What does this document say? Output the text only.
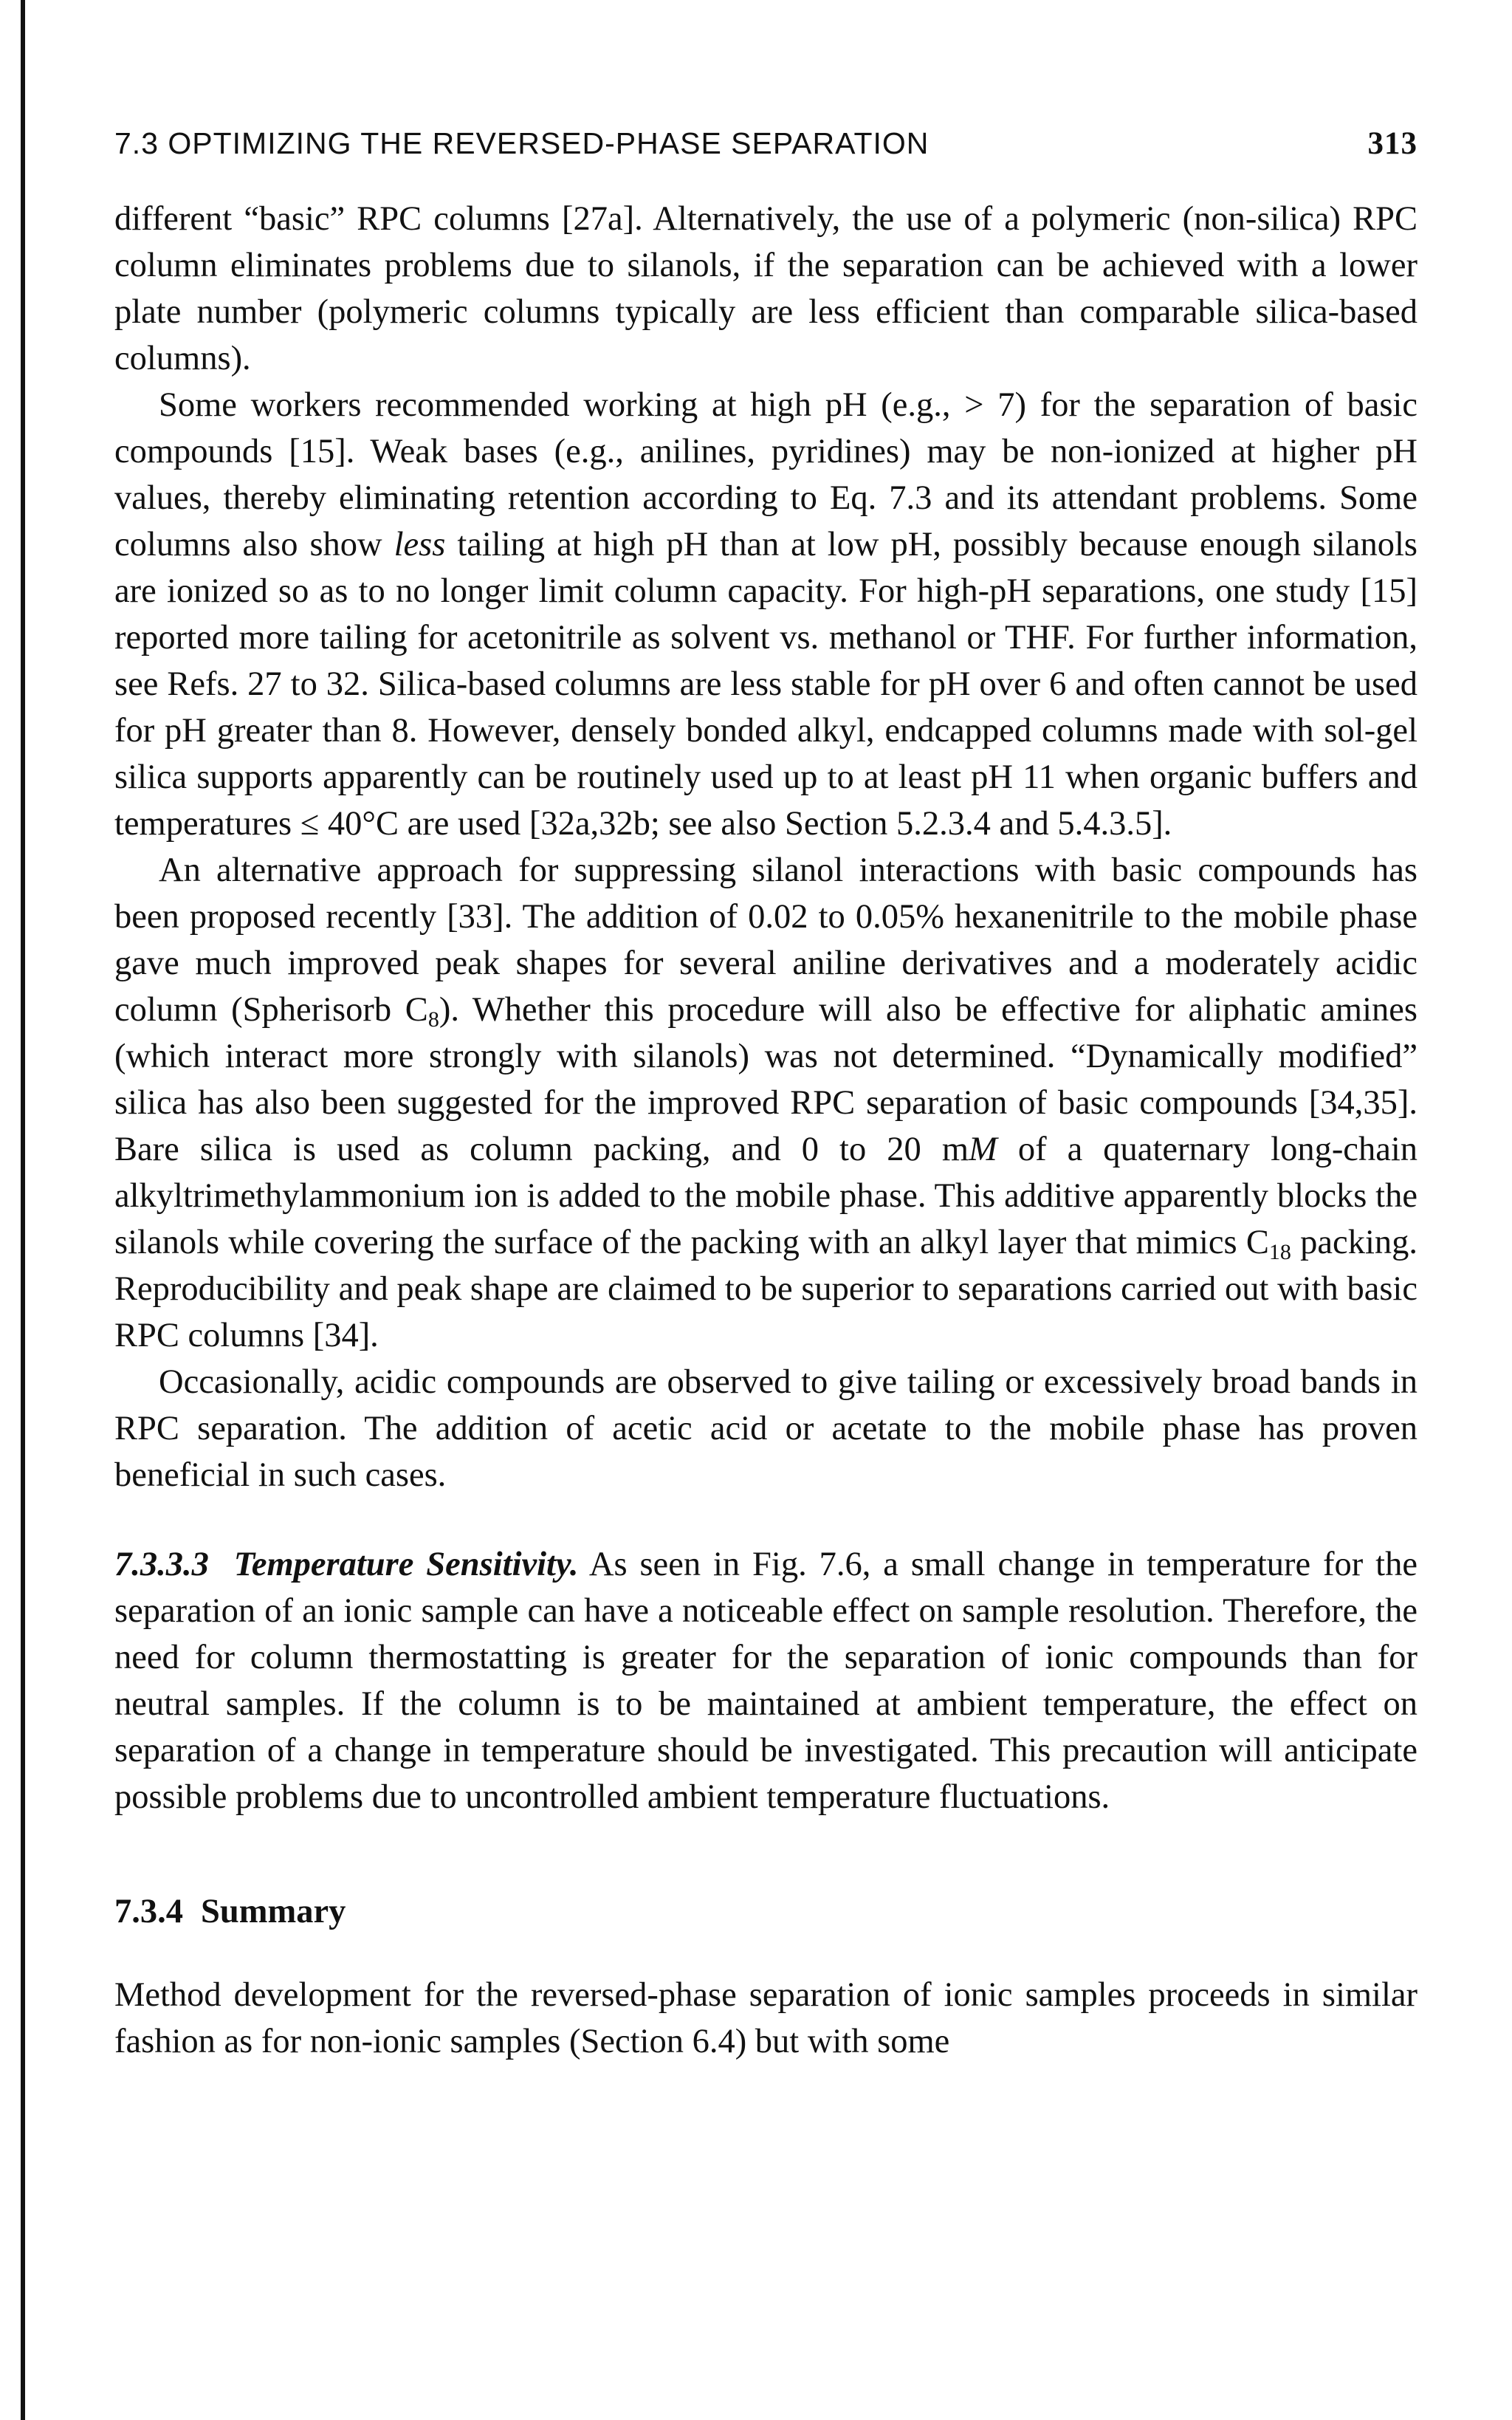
7.3 OPTIMIZING THE REVERSED-PHASE SEPARATION	313

different “basic” RPC columns [27a]. Alternatively, the use of a polymeric (non-silica) RPC column eliminates problems due to silanols, if the separation can be achieved with a lower plate number (polymeric columns typically are less efficient than comparable silica-based columns).

Some workers recommended working at high pH (e.g., > 7) for the separation of basic compounds [15]. Weak bases (e.g., anilines, pyridines) may be non-ionized at higher pH values, thereby eliminating retention according to Eq. 7.3 and its attendant problems. Some columns also show less tailing at high pH than at low pH, possibly because enough silanols are ionized so as to no longer limit column capacity. For high-pH separations, one study [15] reported more tailing for acetonitrile as solvent vs. methanol or THF. For further information, see Refs. 27 to 32. Silica-based columns are less stable for pH over 6 and often cannot be used for pH greater than 8. However, densely bonded alkyl, endcapped columns made with sol-gel silica supports apparently can be routinely used up to at least pH 11 when organic buffers and temperatures ≤ 40°C are used [32a,32b; see also Section 5.2.3.4 and 5.4.3.5].

An alternative approach for suppressing silanol interactions with basic compounds has been proposed recently [33]. The addition of 0.02 to 0.05% hexanenitrile to the mobile phase gave much improved peak shapes for several aniline derivatives and a moderately acidic column (Spherisorb $C_8$). Whether this procedure will also be effective for aliphatic amines (which interact more strongly with silanols) was not determined. “Dynamically modified” silica has also been suggested for the improved RPC separation of basic compounds [34,35]. Bare silica is used as column packing, and 0 to 20 mM of a quaternary long-chain alkyltrimethylammonium ion is added to the mobile phase. This additive apparently blocks the silanols while covering the surface of the packing with an alkyl layer that mimics $C_{18}$ packing. Reproducibility and peak shape are claimed to be superior to separations carried out with basic RPC columns [34].

Occasionally, acidic compounds are observed to give tailing or excessively broad bands in RPC separation. The addition of acetic acid or acetate to the mobile phase has proven beneficial in such cases.

7.3.3.3 Temperature Sensitivity. As seen in Fig. 7.6, a small change in temperature for the separation of an ionic sample can have a noticeable effect on sample resolution. Therefore, the need for column thermostatting is greater for the separation of ionic compounds than for neutral samples. If the column is to be maintained at ambient temperature, the effect on separation of a change in temperature should be investigated. This precaution will anticipate possible problems due to uncontrolled ambient temperature fluctuations.

7.3.4 Summary

Method development for the reversed-phase separation of ionic samples proceeds in similar fashion as for non-ionic samples (Section 6.4) but with some
